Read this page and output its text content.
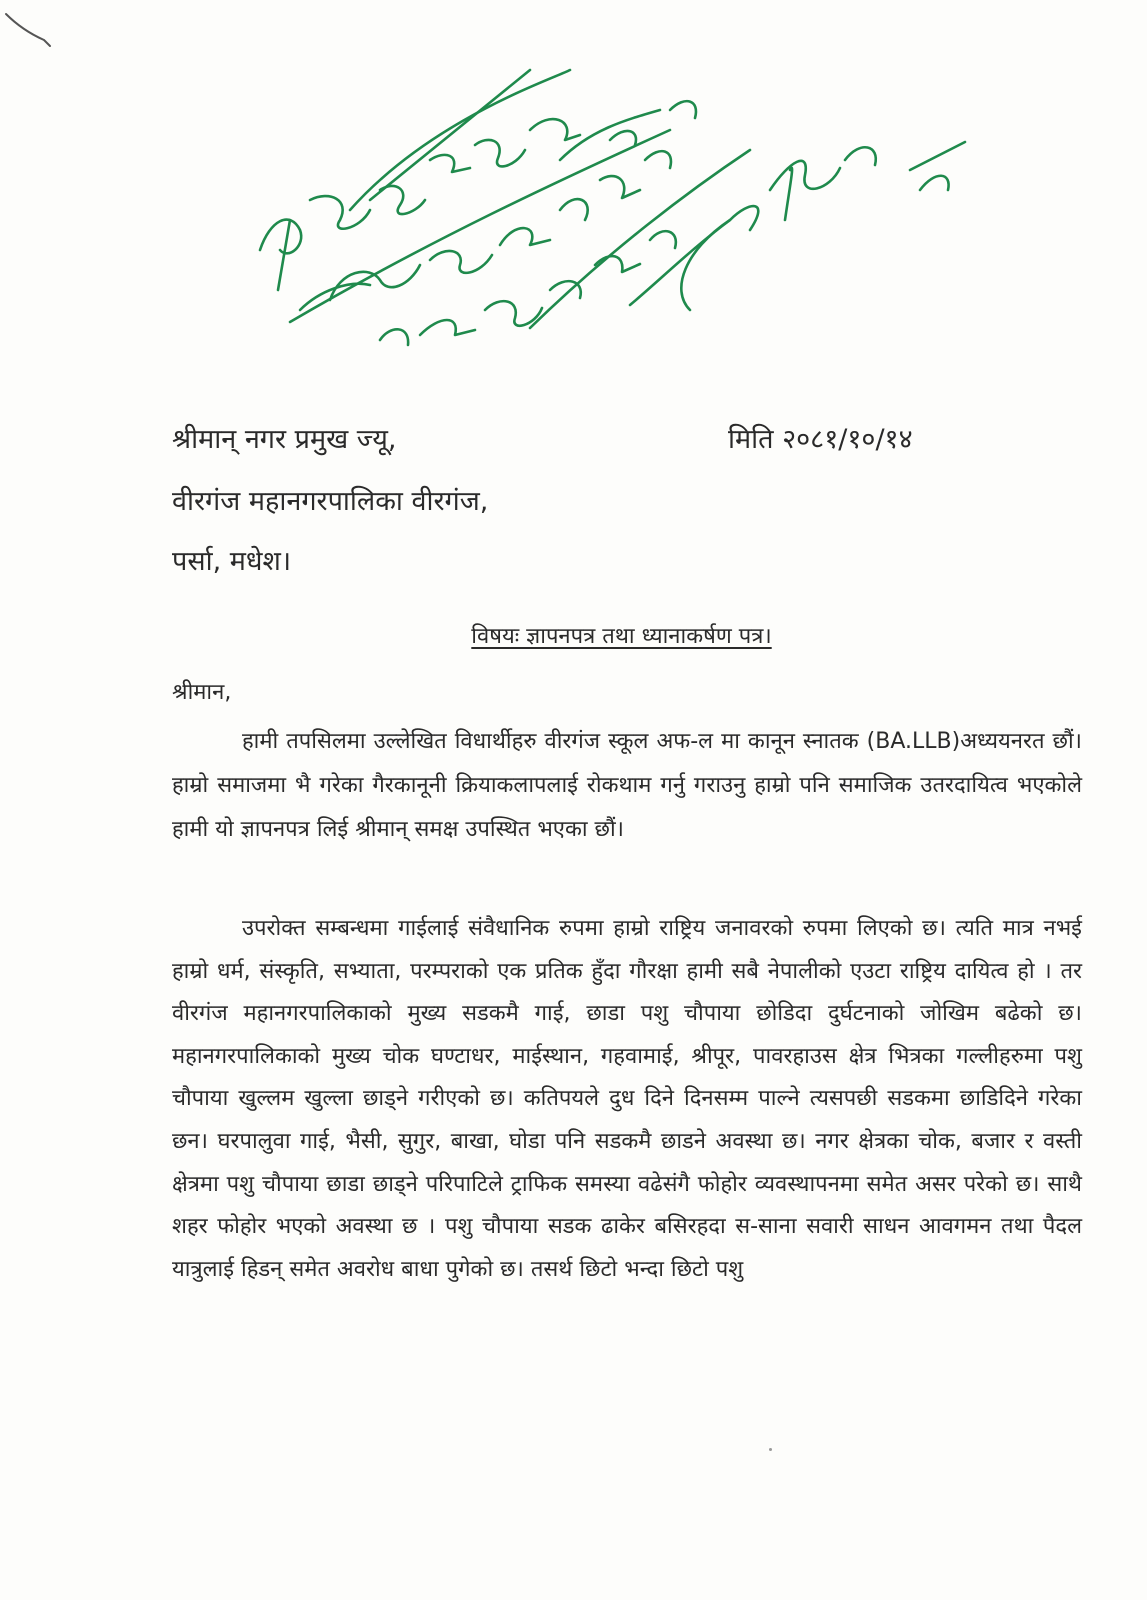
श्रीमान् नगर प्रमुख ज्यू,
वीरगंज महानगरपालिका वीरगंज,
पर्सा, मधेश।
मिति २०८१/१०/१४
विषयः ज्ञापनपत्र तथा ध्यानाकर्षण पत्र।
श्रीमान,

हामी तपसिलमा उल्लेखित विधार्थीहरु वीरगंज स्कूल अफ-ल मा कानून स्नातक (BA.LLB)अध्ययनरत छौं। हाम्रो समाजमा भै गरेका गैरकानूनी क्रियाकलापलाई रोकथाम गर्नु गराउनु हाम्रो पनि समाजिक उतरदायित्व भएकोले हामी यो ज्ञापनपत्र लिई श्रीमान् समक्ष उपस्थित भएका छौं।

उपरोक्त सम्बन्धमा गाईलाई संवैधानिक रुपमा हाम्रो राष्ट्रिय जनावरको रुपमा लिएको छ। त्यति मात्र नभई हाम्रो धर्म, संस्कृति, सभ्याता, परम्पराको एक प्रतिक हुँदा गौरक्षा हामी सबै नेपालीको एउटा राष्ट्रिय दायित्व हो । तर वीरगंज महानगरपालिकाको मुख्य सडकमै गाई, छाडा पशु चौपाया छोडिदा दुर्घटनाको जोखिम बढेको छ। महानगरपालिकाको मुख्य चोक घण्टाधर, माईस्थान, गहवामाई, श्रीपूर, पावरहाउस क्षेत्र भित्रका गल्लीहरुमा पशु चौपाया खुल्लम खुल्ला छाड्ने गरीएको छ। कतिपयले दुध दिने दिनसम्म पाल्ने त्यसपछी सडकमा छाडिदिने गरेका छन। घरपालुवा गाई, भैसी, सुगुर, बाखा, घोडा पनि सडकमै छाडने अवस्था छ। नगर क्षेत्रका चोक, बजार र वस्ती क्षेत्रमा पशु चौपाया छाडा छाड्ने परिपाटिले ट्राफिक समस्या वढेसंगै फोहोर व्यवस्थापनमा समेत असर परेको छ। साथै शहर फोहोर भएको अवस्था छ । पशु चौपाया सडक ढाकेर बसिरहदा स-साना सवारी साधन आवगमन तथा पैदल यात्रुलाई हिडन् समेत अवरोध बाधा पुगेको छ। तसर्थ छिटो भन्दा छिटो पशु
